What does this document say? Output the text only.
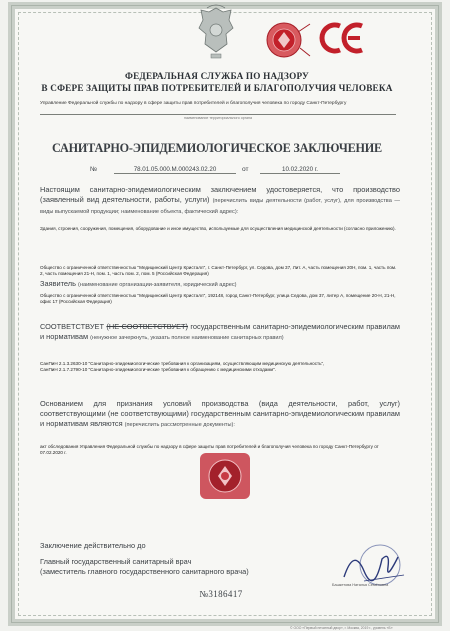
ФЕДЕРАЛЬНАЯ СЛУЖБА ПО НАДЗОРУ
В СФЕРЕ ЗАЩИТЫ ПРАВ ПОТРЕБИТЕЛЕЙ И БЛАГОПОЛУЧИЯ ЧЕЛОВЕКА
Управление Федеральной службы по надзору в сфере защиты прав потребителей и благополучия человека по городу Санкт-Петербургу
наименование территориального органа
САНИТАРНО-ЭПИДЕМИОЛОГИЧЕСКОЕ ЗАКЛЮЧЕНИЕ
№	78.01.05.000.М.000243.02.20	от	10.02.2020 г.
Настоящим санитарно-эпидемиологическим заключением удостоверяется, что производство (заявленный вид деятельности, работы, услуги) (перечислить виды деятельности (работ, услуг), для производства — виды выпускаемой продукции; наименование объекта, фактический адрес):
Здания, строения, сооружения, помещения, оборудование и иное имущество, используемые для осуществления медицинской деятельности (согласно приложению).
Общество с ограниченной ответственностью "Медицинский Центр Кристалл", г. Санкт-Петербург, ул. Седова, дом 37, Лит. А, часть помещения 20Н, пом. 1, часть пом. 2, часть помещения 21-Н, пом. 1, часть пом. 2, пом. 5 (Российская Федерация)
Заявитель (наименование организации-заявителя, юридический адрес)
Общество с ограниченной ответственностью "Медицинский Центр Кристалл", 192148, город Санкт-Петербург, улица Седова, дом 37, литер А, помещение 20-Н, 21-Н, офис 17 (Российская Федерация)
СООТВЕТСТВУЕТ (НЕ СООТВЕТСТВУЕТ) государственным санитарно-эпидемиологическим правилам и нормативам (ненужное зачеркнуть, указать полное наименование санитарных правил)
СанПиН 2.1.3.2630-10 "Санитарно-эпидемиологические требования к организациям, осуществляющим медицинскую деятельность",
СанПиН 2.1.7.2790-10 "Санитарно-эпидемиологические требования к обращению с медицинскими отходами".
Основанием для признания условий производства (вида деятельности, работ, услуг) соответствующими (не соответствующими) государственным санитарно-эпидемиологическим правилам и нормативам являются (перечислить рассмотренные документы):
акт обследования Управления Федеральной службы по надзору в сфере защиты прав потребителей и благополучия человека по городу Санкт-Петербургу от 07.02.2020 г.
Заключение действительно до
Главный государственный санитарный врач
(заместитель главного государственного санитарного врача)
Башкетова Наталья Семёновна
№3186417
© ООО «Первый печатный двор», г. Москва, 2019 г., уровень «Б»
